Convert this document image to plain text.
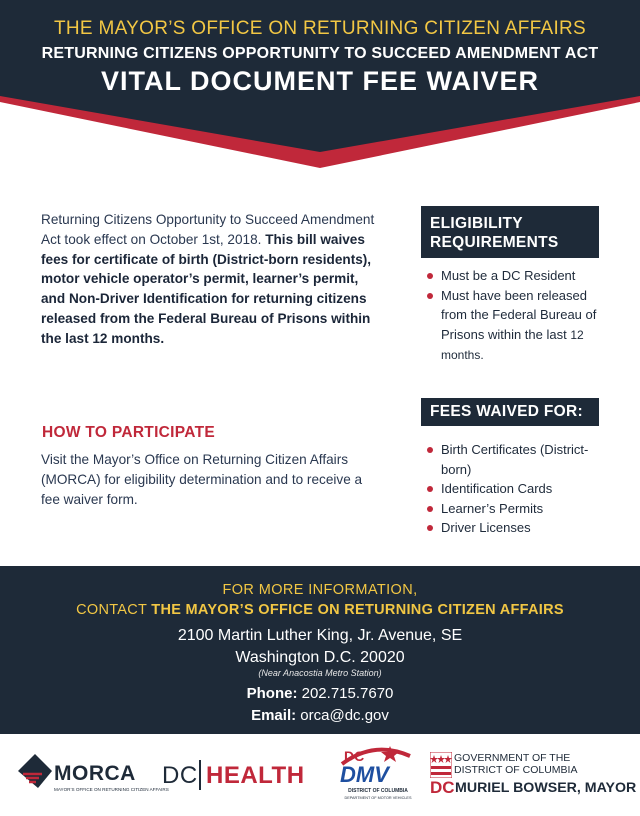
THE MAYOR’S OFFICE ON RETURNING CITIZEN AFFAIRS
RETURNING CITIZENS OPPORTUNITY TO SUCCEED AMENDMENT ACT
VITAL DOCUMENT FEE WAIVER
Returning Citizens Opportunity to Succeed Amendment Act took effect on October 1st, 2018. This bill waives fees for certificate of birth (District-born residents), motor vehicle operator’s permit, learner’s permit, and Non-Driver Identification for returning citizens released from the Federal Bureau of Prisons within the last 12 months.
HOW TO PARTICIPATE
Visit the Mayor’s Office on Returning Citizen Affairs (MORCA) for eligibility determination and to receive a fee waiver form.
ELIGIBILITY REQUIREMENTS
Must be a DC Resident
Must have been released from the Federal Bureau of Prisons within the last 12 months.
FEES WAIVED FOR:
Birth Certificates (District-born)
Identification Cards
Learner’s Permits
Driver Licenses
FOR MORE INFORMATION,
CONTACT THE MAYOR’S OFFICE ON RETURNING CITIZEN AFFAIRS
2100 Martin Luther King, Jr. Avenue, SE
Washington D.C. 20020
(Near Anacostia Metro Station)
Phone: 202.715.7670
Email: orca@dc.gov
MORCA
MAYOR’S OFFICE ON RETURNING CITIZEN AFFAIRS
DC HEALTH
DC
DMV
DISTRICT OF COLUMBIA
DEPARTMENT OF MOTOR VEHICLES
GOVERNMENT OF THE
DISTRICT OF COLUMBIA
DC MURIEL BOWSER, MAYOR
